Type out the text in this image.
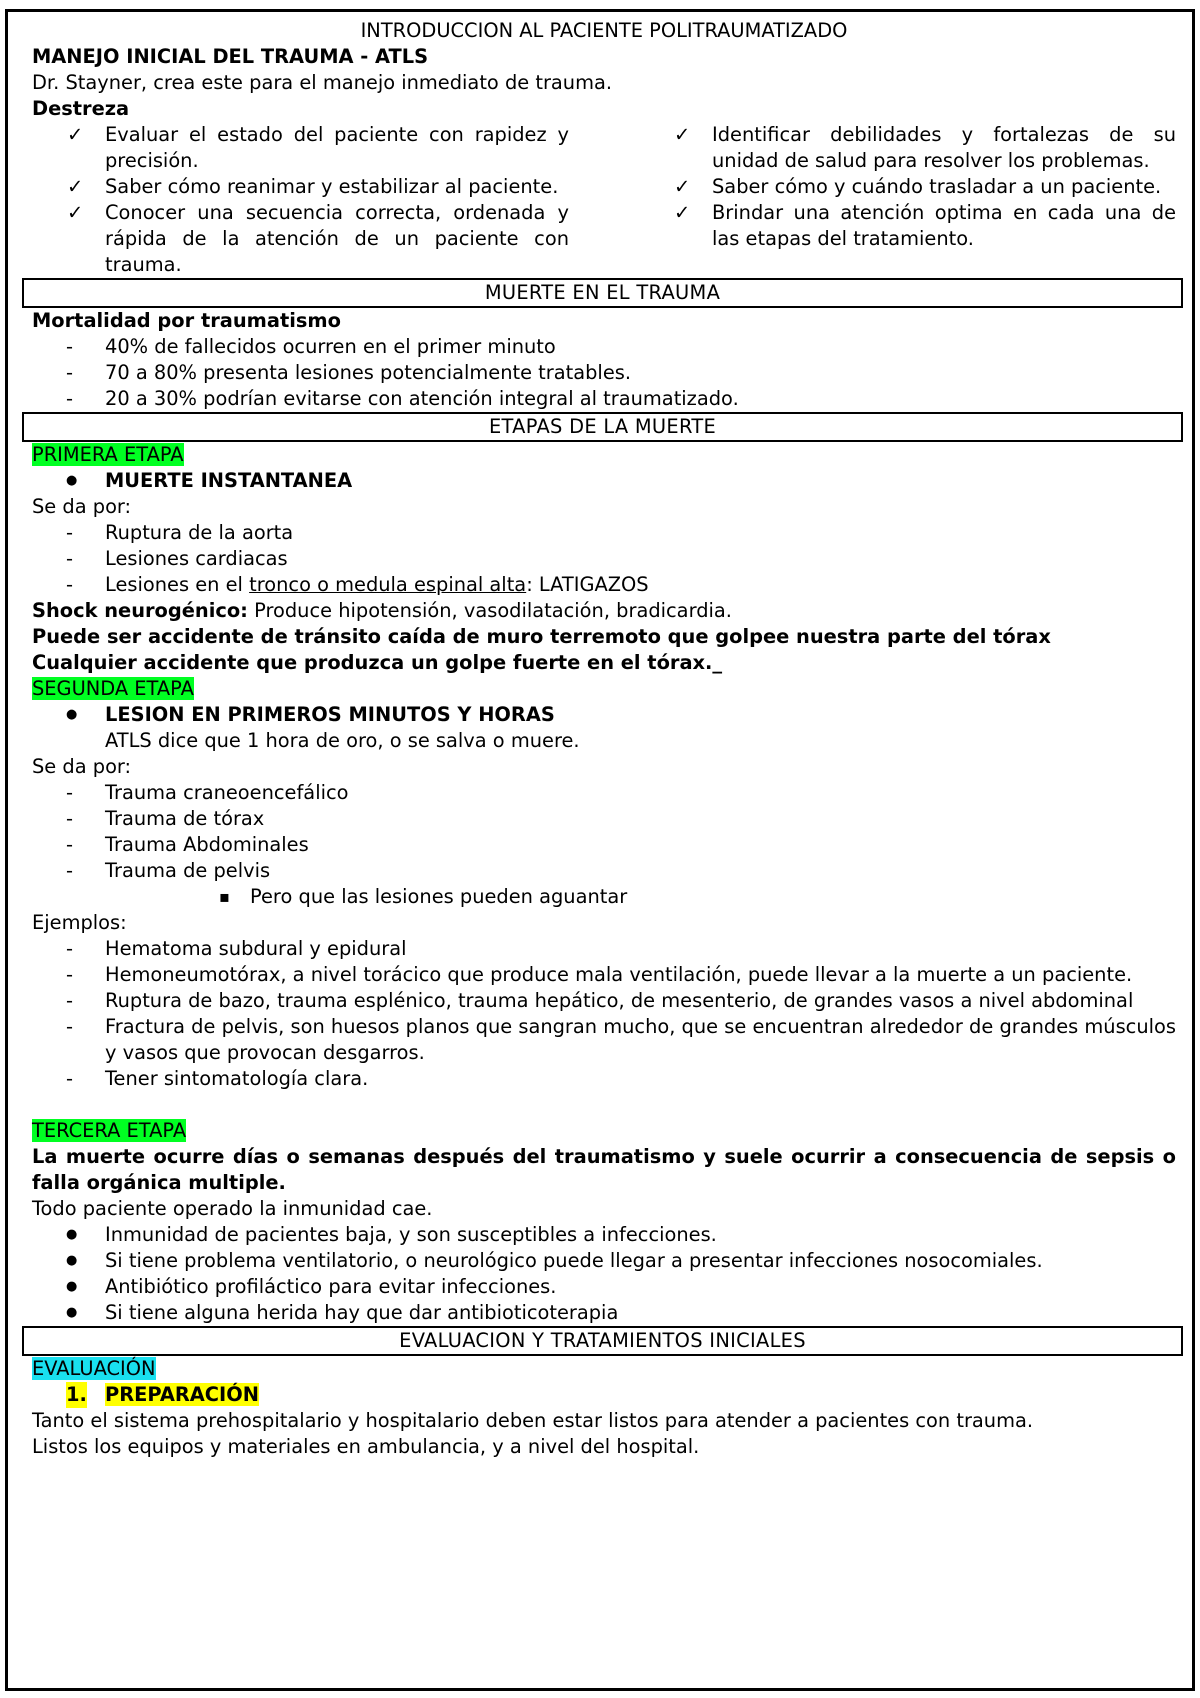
INTRODUCCION AL PACIENTE POLITRAUMATIZADO
MANEJO INICIAL DEL TRAUMA - ATLS
Dr. Stayner, crea este para el manejo inmediato de trauma.
Destreza
✓ Evaluar el estado del paciente con rapidez y precisión.
✓ Saber cómo reanimar y estabilizar al paciente.
✓ Conocer una secuencia correcta, ordenada y rápida de la atención de un paciente con trauma.
✓ Identificar debilidades y fortalezas de su unidad de salud para resolver los problemas.
✓ Saber cómo y cuándo trasladar a un paciente.
✓ Brindar una atención optima en cada una de las etapas del tratamiento.
MUERTE EN EL TRAUMA
Mortalidad por traumatismo
- 40% de fallecidos ocurren en el primer minuto
- 70 a 80% presenta lesiones potencialmente tratables.
- 20 a 30% podrían evitarse con atención integral al traumatizado.
ETAPAS DE LA MUERTE
PRIMERA ETAPA
● MUERTE INSTANTANEA
Se da por:
- Ruptura de la aorta
- Lesiones cardiacas
- Lesiones en el tronco o medula espinal alta: LATIGAZOS
Shock neurogénico: Produce hipotensión, vasodilatación, bradicardia.
Puede ser accidente de tránsito caída de muro terremoto que golpee nuestra parte del tórax
Cualquier accidente que produzca un golpe fuerte en el tórax._
SEGUNDA ETAPA
● LESION EN PRIMEROS MINUTOS Y HORAS
ATLS dice que 1 hora de oro, o se salva o muere.
Se da por:
- Trauma craneoencefálico
- Trauma de tórax
- Trauma Abdominales
- Trauma de pelvis
▪ Pero que las lesiones pueden aguantar
Ejemplos:
- Hematoma subdural y epidural
- Hemoneumotórax, a nivel torácico que produce mala ventilación, puede llevar a la muerte a un paciente.
- Ruptura de bazo, trauma esplénico, trauma hepático, de mesenterio, de grandes vasos a nivel abdominal
- Fractura de pelvis, son huesos planos que sangran mucho, que se encuentran alrededor de grandes músculos y vasos que provocan desgarros.
- Tener sintomatología clara.
TERCERA ETAPA
La muerte ocurre días o semanas después del traumatismo y suele ocurrir a consecuencia de sepsis o falla orgánica multiple.
Todo paciente operado la inmunidad cae.
● Inmunidad de pacientes baja, y son susceptibles a infecciones.
● Si tiene problema ventilatorio, o neurológico puede llegar a presentar infecciones nosocomiales.
● Antibiótico profiláctico para evitar infecciones.
● Si tiene alguna herida hay que dar antibioticoterapia
EVALUACION Y TRATAMIENTOS INICIALES
EVALUACIÓN
1. PREPARACIÓN
Tanto el sistema prehospitalario y hospitalario deben estar listos para atender a pacientes con trauma.
Listos los equipos y materiales en ambulancia, y a nivel del hospital.
